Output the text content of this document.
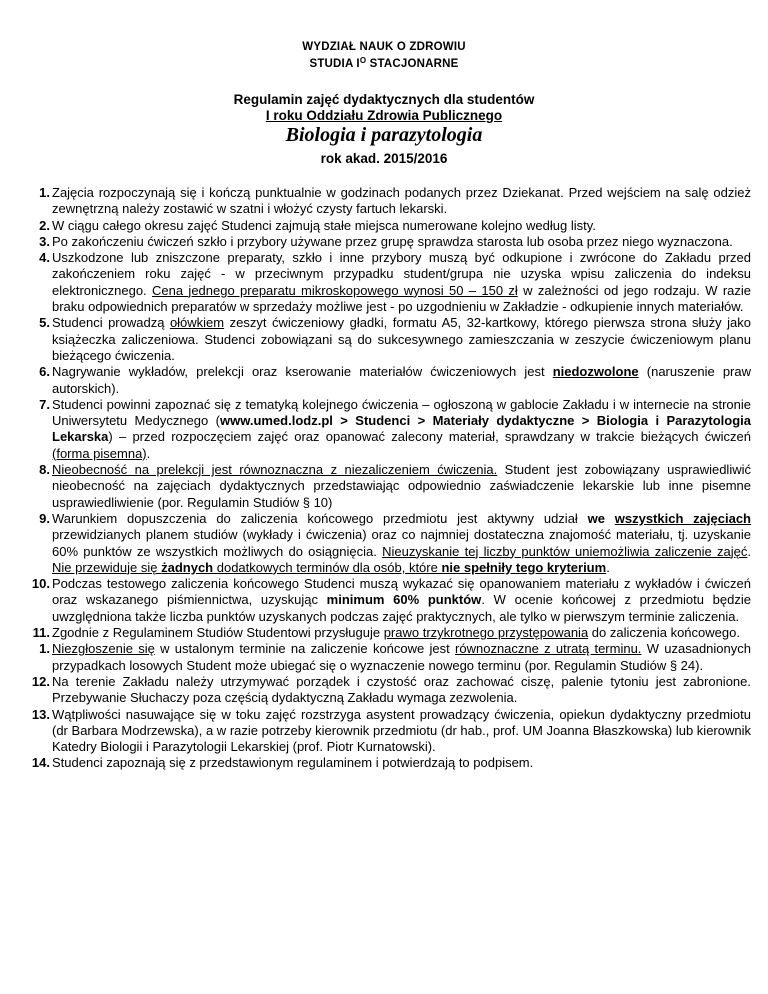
WYDZIAŁ NAUK O ZDROWIU
STUDIA $I^O$ STACJONARNE
Regulamin zajęć dydaktycznych dla studentów
I roku Oddziału Zdrowia Publicznego
Biologia i parazytologia
rok akad. 2015/2016
1. Zajęcia rozpoczynają się i kończą punktualnie w godzinach podanych przez Dziekanat. Przed wejściem na salę odzież zewnętrzną należy zostawić w szatni i włożyć czysty fartuch lekarski.
2. W ciągu całego okresu zajęć Studenci zajmują stałe miejsca numerowane kolejno według listy.
3. Po zakończeniu ćwiczeń szkło i przybory używane przez grupę sprawdza starosta lub osoba przez niego wyznaczona.
4. Uszkodzone lub zniszczone preparaty, szkło i inne przybory muszą być odkupione i zwrócone do Zakładu przed zakończeniem roku zajęć - w przeciwnym przypadku student/grupa nie uzyska wpisu zaliczenia do indeksu elektronicznego. Cena jednego preparatu mikroskopowego wynosi 50 – 150 zł w zależności od jego rodzaju. W razie braku odpowiednich preparatów w sprzedaży możliwe jest - po uzgodnieniu w Zakładzie - odkupienie innych materiałów.
5. Studenci prowadzą ołówkiem zeszyt ćwiczeniowy gładki, formatu A5, 32-kartkowy, którego pierwsza strona służy jako książeczka zaliczeniowa. Studenci zobowiązani są do sukcesywnego zamieszczania w zeszycie ćwiczeniowym planu bieżącego ćwiczenia.
6. Nagrywanie wykładów, prelekcji oraz kserowanie materiałów ćwiczeniowych jest niedozwolone (naruszenie praw autorskich).
7. Studenci powinni zapoznać się z tematyką kolejnego ćwiczenia – ogłoszoną w gablocie Zakładu i w internecie na stronie Uniwersytetu Medycznego (www.umed.lodz.pl > Studenci > Materiały dydaktyczne > Biologia i Parazytologia Lekarska) – przed rozpoczęciem zajęć oraz opanować zalecony materiał, sprawdzany w trakcie bieżących ćwiczeń (forma pisemna).
8. Nieobecność na prelekcji jest równoznaczna z niezaliczeniem ćwiczenia. Student jest zobowiązany usprawiedliwić nieobecność na zajęciach dydaktycznych przedstawiając odpowiednio zaświadczenie lekarskie lub inne pisemne usprawiedliwienie (por. Regulamin Studiów § 10)
9. Warunkiem dopuszczenia do zaliczenia końcowego przedmiotu jest aktywny udział we wszystkich zajęciach przewidzianych planem studiów (wykłady i ćwiczenia) oraz co najmniej dostateczna znajomość materiału, tj. uzyskanie 60% punktów ze wszystkich możliwych do osiągnięcia. Nieuzyskanie tej liczby punktów uniemożliwia zaliczenie zajęć. Nie przewiduje się żadnych dodatkowych terminów dla osób, które nie spełniły tego kryterium.
10. Podczas testowego zaliczenia końcowego Studenci muszą wykazać się opanowaniem materiału z wykładów i ćwiczeń oraz wskazanego piśmiennictwa, uzyskując minimum 60% punktów. W ocenie końcowej z przedmiotu będzie uwzględniona także liczba punktów uzyskanych podczas zajęć praktycznych, ale tylko w pierwszym terminie zaliczenia.
11. Zgodnie z Regulaminem Studiów Studentowi przysługuje prawo trzykrotnego przystępowania do zaliczenia końcowego.
1. Niezgłoszenie się w ustalonym terminie na zaliczenie końcowe jest równoznaczne z utratą terminu. W uzasadnionych przypadkach losowych Student może ubiegać się o wyznaczenie nowego terminu (por. Regulamin Studiów § 24).
12. Na terenie Zakładu należy utrzymywać porządek i czystość oraz zachować ciszę, palenie tytoniu jest zabronione. Przebywanie Słuchaczy poza częścią dydaktyczną Zakładu wymaga zezwolenia.
13. Wątpliwości nasuwające się w toku zajęć rozstrzyga asystent prowadzący ćwiczenia, opiekun dydaktyczny przedmiotu (dr Barbara Modrzewska), a w razie potrzeby kierownik przedmiotu (dr hab., prof. UM Joanna Błaszkowska) lub kierownik Katedry Biologii i Parazytologii Lekarskiej (prof. Piotr Kurnatowski).
14. Studenci zapoznają się z przedstawionym regulaminem i potwierdzają to podpisem.
